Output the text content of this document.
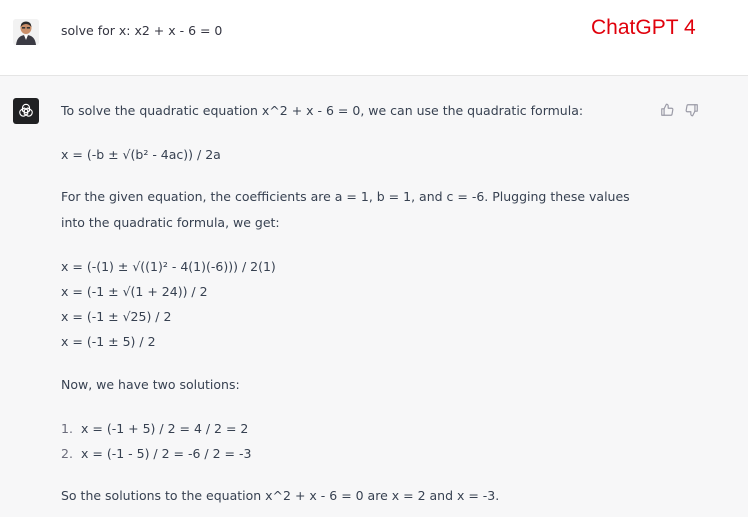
solve for x: x2 + x - 6 = 0	ChatGPT 4
To solve the quadratic equation x^2 + x - 6 = 0, we can use the quadratic formula:
x = (-b ± √(b² - 4ac)) / 2a
For the given equation, the coefficients are a = 1, b = 1, and c = -6. Plugging these values
into the quadratic formula, we get:
x = (-(1) ± √((1)² - 4(1)(-6))) / 2(1)
x = (-1 ± √(1 + 24)) / 2
x = (-1 ± √25) / 2
x = (-1 ± 5) / 2
Now, we have two solutions:
1. x = (-1 + 5) / 2 = 4 / 2 = 2
2. x = (-1 - 5) / 2 = -6 / 2 = -3
So the solutions to the equation x^2 + x - 6 = 0 are x = 2 and x = -3.
